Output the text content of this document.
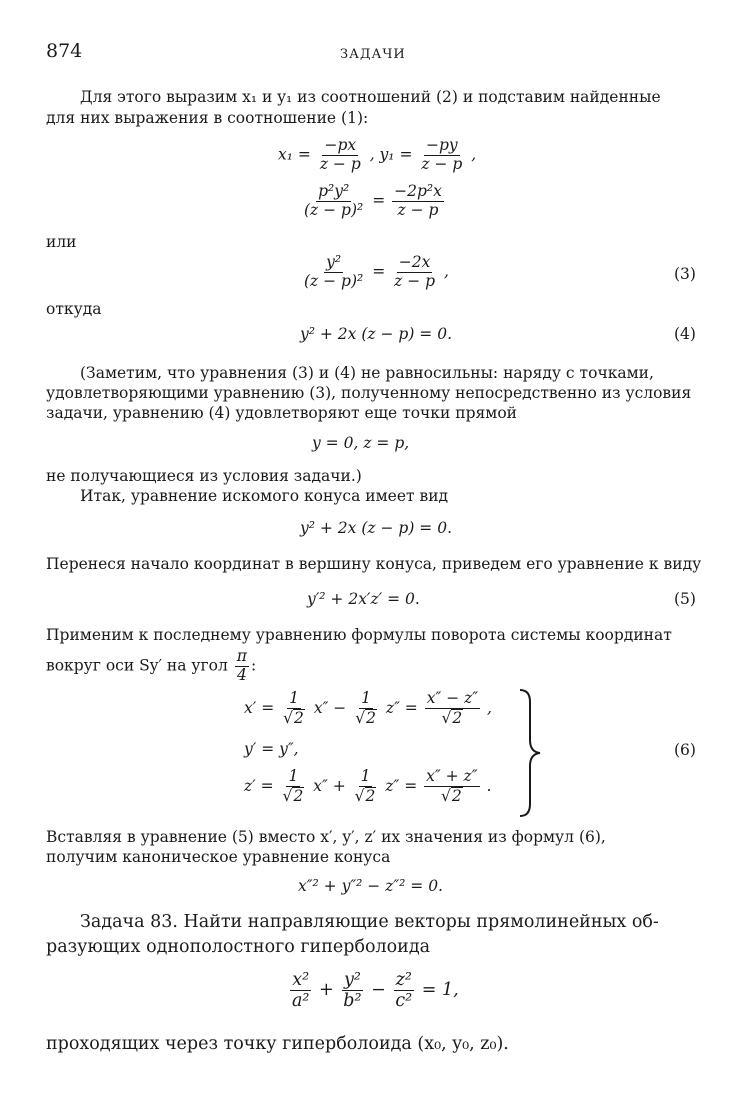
874	ЗАДАЧИ
Для этого выразим x₁ и y₁ из соотношений (2) и подставим найденные
для них выражения в соотношение (1):
$x_1 = \frac{-px}{z - p}$ , $y_1 = \frac{-py}{z - p}$ ,
$\frac{\text{p²y²}}{\text{(z − p)²}} = \frac{\text{−2p²x}}{z - p}$
или
$\frac{\text{y²}}{\text{(z − p)²}} = \frac{-2x}{z - p}$ ,	(3)
откуда
y² + 2x (z − p) = 0.	(4)
(Заметим, что уравнения (3) и (4) не равносильны: наряду с точками,
удовлетворяющими уравнению (3), полученному непосредственно из условия
задачи, уравнению (4) удовлетворяют еще точки прямой
y = 0, z = p,
не получающиеся из условия задачи.)
Итак, уравнение искомого конуса имеет вид
y² + 2x (z − p) = 0.
Перенеся начало координат в вершину конуса, приведем его уравнение к виду
y′² + 2x′z′ = 0.	(5)
Применим к последнему уравнению формулы поворота системы координат
вокруг оси Sy′ на угол $\frac{\pi}{4}$ :
$x' = \frac{1}{√2} x'' - \frac{1}{√2} z'' = \frac{x'' - z''}{√2}$ ,
y′ = y″,
$z' = \frac{1}{√2} x'' + \frac{1}{√2} z'' = \frac{x'' + z''}{√2}$ .
(6)
Вставляя в уравнение (5) вместо x′, y′, z′ их значения из формул (6),
получим каноническое уравнение конуса
x″² + y″² − z″² = 0.
Задача 83. Найти направляющие векторы прямолинейных об-
разующих однополостного гиперболоида
$\frac{\text{x²}}{\text{a²}} + \frac{\text{y²}}{\text{b²}} - \frac{\text{z²}}{\text{c²}} = 1$,
проходящих через точку гиперболоида (x₀, y₀, z₀).
